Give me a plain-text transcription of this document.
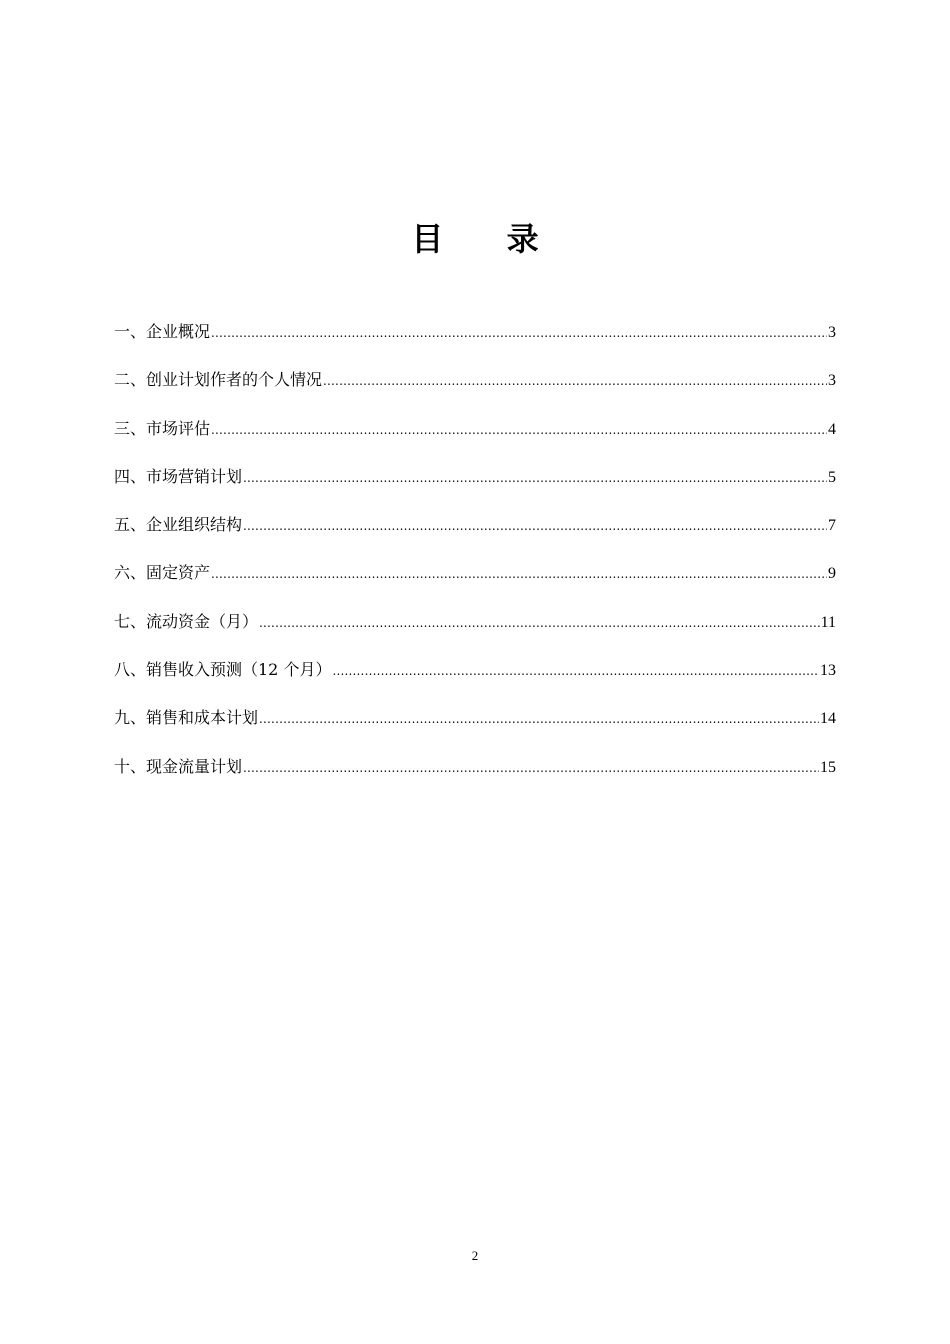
目 录
一、企业概况 .....	3
二、创业计划作者的个人情况 .....	3
三、市场评估 .....	4
四、市场营销计划 .....	5
五、企业组织结构 .....	7
六、固定资产 .....	9
七、流动资金（月） .....	11
八、销售收入预测（12 个月） .....	13
九、销售和成本计划 .....	14
十、现金流量计划 .....	15
2
